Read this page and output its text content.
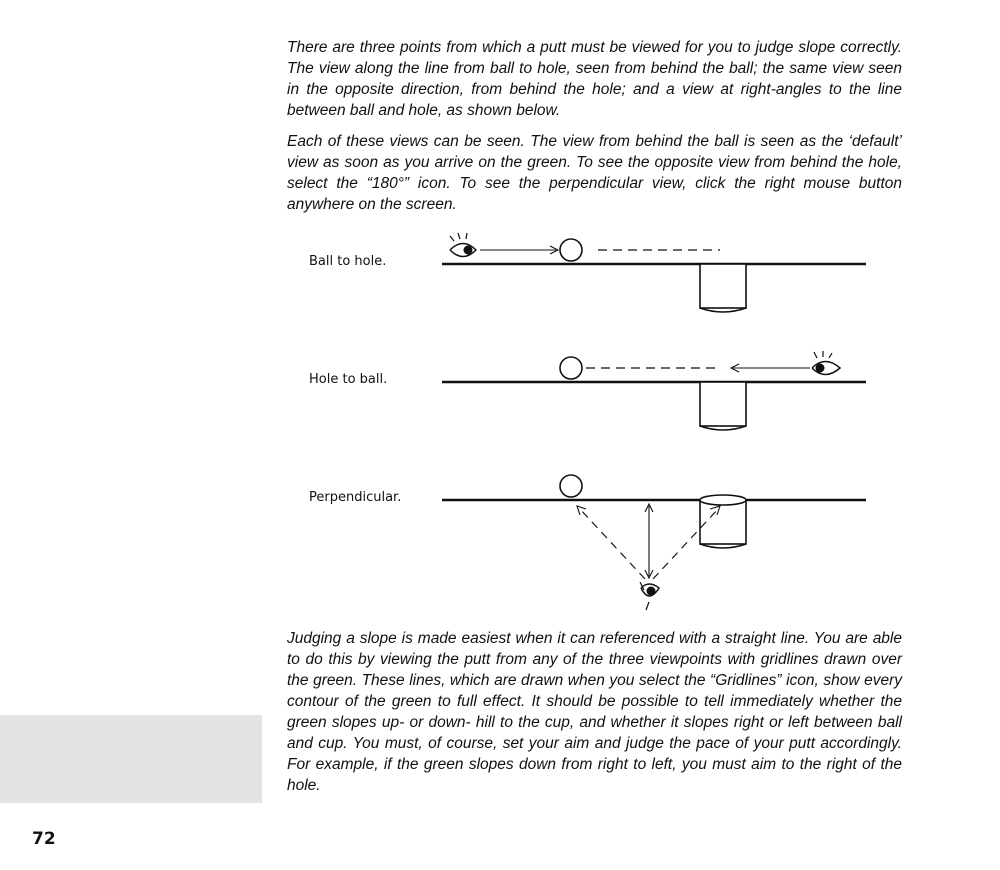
There are three points from which a putt must be viewed for you to judge slope correctly. The view along the line from ball to hole, seen from behind the ball; the same view seen in the opposite direction, from behind the hole; and a view at right-angles to the line between ball and hole, as shown below.

Each of these views can be seen. The view from behind the ball is seen as the ‘default’ view as soon as you arrive on the green. To see the opposite view from behind the hole, select the “180°” icon. To see the perpendicular view, click the right mouse button anywhere on the screen.

Ball to hole.
Hole to ball.
Perpendicular.

Judging a slope is made easiest when it can referenced with a straight line. You are able to do this by viewing the putt from any of the three viewpoints with gridlines drawn over the green. These lines, which are drawn when you select the “Gridlines” icon, show every contour of the green to full effect. It should be possible to tell immediately whether the green slopes up- or down- hill to the cup, and whether it slopes right or left between ball and cup. You must, of course, set your aim and judge the pace of your putt accordingly. For example, if the green slopes down from right to left, you must aim to the right of the hole.

72
